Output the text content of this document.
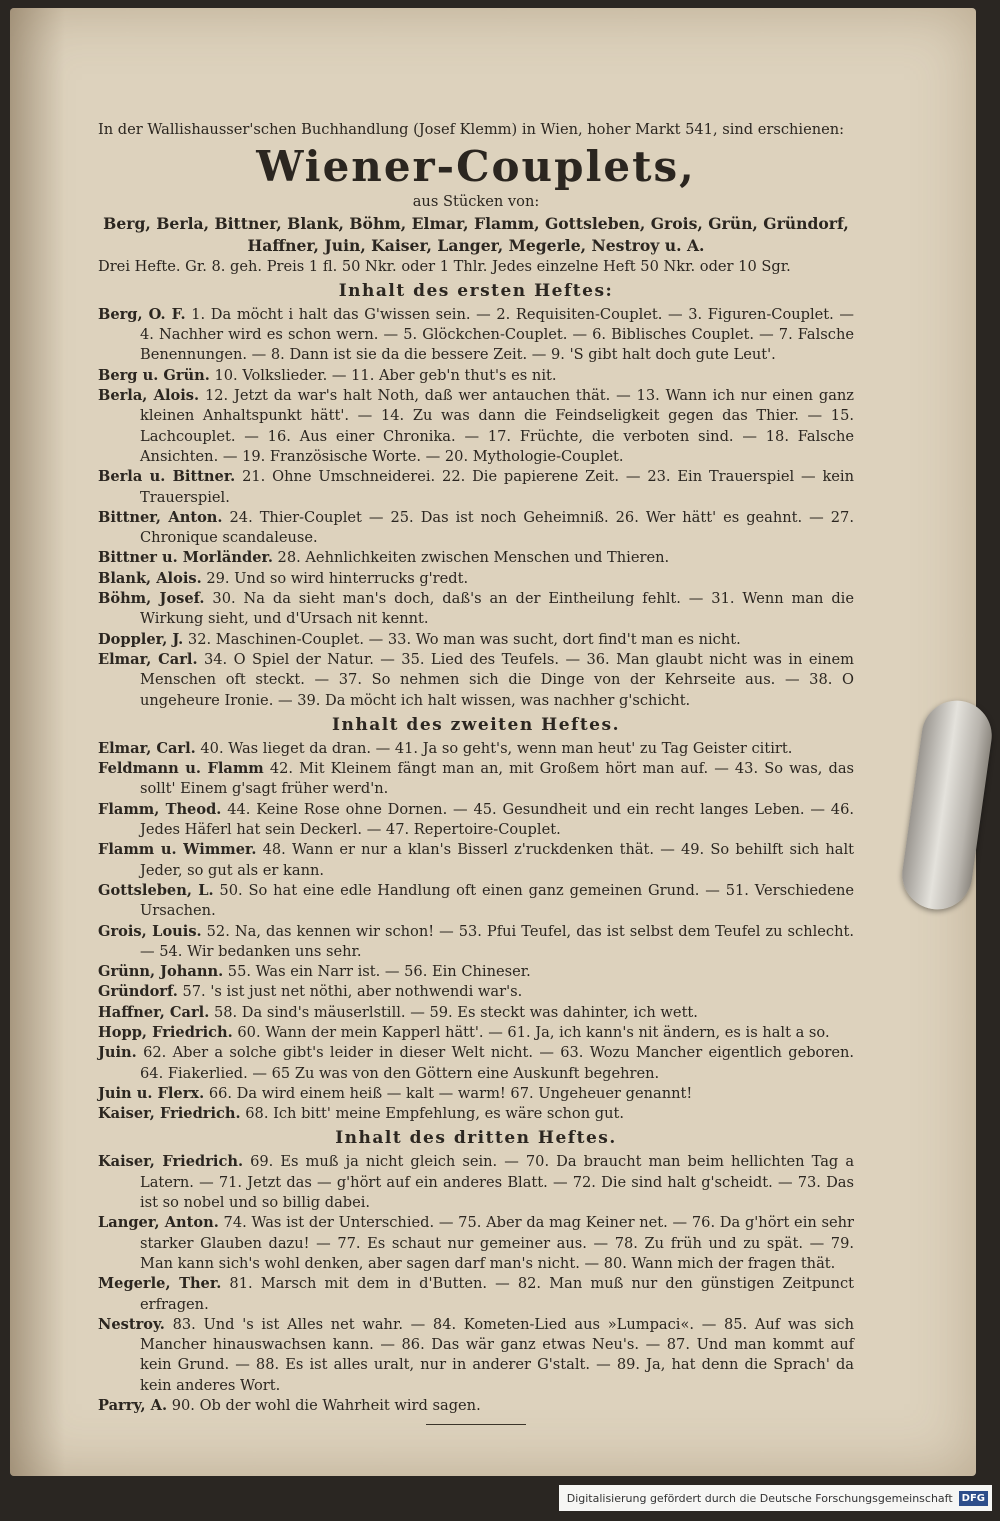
In der Wallishausser'schen Buchhandlung (Josef Klemm) in Wien, hoher Markt 541, sind erschienen:

Wiener-Couplets,

aus Stücken von:

Berg, Berla, Bittner, Blank, Böhm, Elmar, Flamm, Gottsleben, Grois, Grün, Gründorf, Haffner, Juin, Kaiser, Langer, Megerle, Nestroy u. A.

Drei Hefte. Gr. 8. geh. Preis 1 fl. 50 Nkr. oder 1 Thlr. Jedes einzelne Heft 50 Nkr. oder 10 Sgr.

Inhalt des ersten Heftes:

Berg, O. F. 1. Da möcht i halt das G'wissen sein. — 2. Requisiten-Couplet. — 3. Figuren-Couplet. — 4. Nachher wird es schon wern. — 5. Glöckchen-Couplet. — 6. Biblisches Couplet. — 7. Falsche Benennungen. — 8. Dann ist sie da die bessere Zeit. — 9. 'S gibt halt doch gute Leut'.

Berg u. Grün. 10. Volkslieder. — 11. Aber geb'n thut's es nit.

Berla, Alois. 12. Jetzt da war's halt Noth, daß wer antauchen thät. — 13. Wann ich nur einen ganz kleinen Anhaltspunkt hätt'. — 14. Zu was dann die Feindseligkeit gegen das Thier. — 15. Lachcouplet. — 16. Aus einer Chronika. — 17. Früchte, die verboten sind. — 18. Falsche Ansichten. — 19. Französische Worte. — 20. Mythologie-Couplet.

Berla u. Bittner. 21. Ohne Umschneiderei. 22. Die papierene Zeit. — 23. Ein Trauerspiel — kein Trauerspiel.

Bittner, Anton. 24. Thier-Couplet — 25. Das ist noch Geheimniß. 26. Wer hätt' es geahnt. — 27. Chronique scandaleuse.

Bittner u. Morländer. 28. Aehnlichkeiten zwischen Menschen und Thieren.

Blank, Alois. 29. Und so wird hinterrucks g'redt.

Böhm, Josef. 30. Na da sieht man's doch, daß's an der Eintheilung fehlt. — 31. Wenn man die Wirkung sieht, und d'Ursach nit kennt.

Doppler, J. 32. Maschinen-Couplet. — 33. Wo man was sucht, dort find't man es nicht.

Elmar, Carl. 34. O Spiel der Natur. — 35. Lied des Teufels. — 36. Man glaubt nicht was in einem Menschen oft steckt. — 37. So nehmen sich die Dinge von der Kehrseite aus. — 38. O ungeheure Ironie. — 39. Da möcht ich halt wissen, was nachher g'schicht.

Inhalt des zweiten Heftes.

Elmar, Carl. 40. Was lieget da dran. — 41. Ja so geht's, wenn man heut' zu Tag Geister citirt.

Feldmann u. Flamm 42. Mit Kleinem fängt man an, mit Großem hört man auf. — 43. So was, das sollt' Einem g'sagt früher werd'n.

Flamm, Theod. 44. Keine Rose ohne Dornen. — 45. Gesundheit und ein recht langes Leben. — 46. Jedes Häferl hat sein Deckerl. — 47. Repertoire-Couplet.

Flamm u. Wimmer. 48. Wann er nur a klan's Bisserl z'ruckdenken thät. — 49. So behilft sich halt Jeder, so gut als er kann.

Gottsleben, L. 50. So hat eine edle Handlung oft einen ganz gemeinen Grund. — 51. Verschiedene Ursachen.

Grois, Louis. 52. Na, das kennen wir schon! — 53. Pfui Teufel, das ist selbst dem Teufel zu schlecht. — 54. Wir bedanken uns sehr.

Grünn, Johann. 55. Was ein Narr ist. — 56. Ein Chineser.

Gründorf. 57. 's ist just net nöthi, aber nothwendi war's.

Haffner, Carl. 58. Da sind's mäuserlstill. — 59. Es steckt was dahinter, ich wett.

Hopp, Friedrich. 60. Wann der mein Kapperl hätt'. — 61. Ja, ich kann's nit ändern, es is halt a so.

Juin. 62. Aber a solche gibt's leider in dieser Welt nicht. — 63. Wozu Mancher eigentlich geboren. 64. Fiakerlied. — 65 Zu was von den Göttern eine Auskunft begehren.

Juin u. Flerx. 66. Da wird einem heiß — kalt — warm! 67. Ungeheuer genannt!

Kaiser, Friedrich. 68. Ich bitt' meine Empfehlung, es wäre schon gut.

Inhalt des dritten Heftes.

Kaiser, Friedrich. 69. Es muß ja nicht gleich sein. — 70. Da braucht man beim hellichten Tag a Latern. — 71. Jetzt das — g'hört auf ein anderes Blatt. — 72. Die sind halt g'scheidt. — 73. Das ist so nobel und so billig dabei.

Langer, Anton. 74. Was ist der Unterschied. — 75. Aber da mag Keiner net. — 76. Da g'hört ein sehr starker Glauben dazu! — 77. Es schaut nur gemeiner aus. — 78. Zu früh und zu spät. — 79. Man kann sich's wohl denken, aber sagen darf man's nicht. — 80. Wann mich der fragen thät.

Megerle, Ther. 81. Marsch mit dem in d'Butten. — 82. Man muß nur den günstigen Zeitpunct erfragen.

Nestroy. 83. Und 's ist Alles net wahr. — 84. Kometen-Lied aus »Lumpaci«. — 85. Auf was sich Mancher hinauswachsen kann. — 86. Das wär ganz etwas Neu's. — 87. Und man kommt auf kein Grund. — 88. Es ist alles uralt, nur in anderer G'stalt. — 89. Ja, hat denn die Sprach' da kein anderes Wort.

Parry, A. 90. Ob der wohl die Wahrheit wird sagen.

Digitalisierung gefördert durch die Deutsche Forschungsgemeinschaft DFG
